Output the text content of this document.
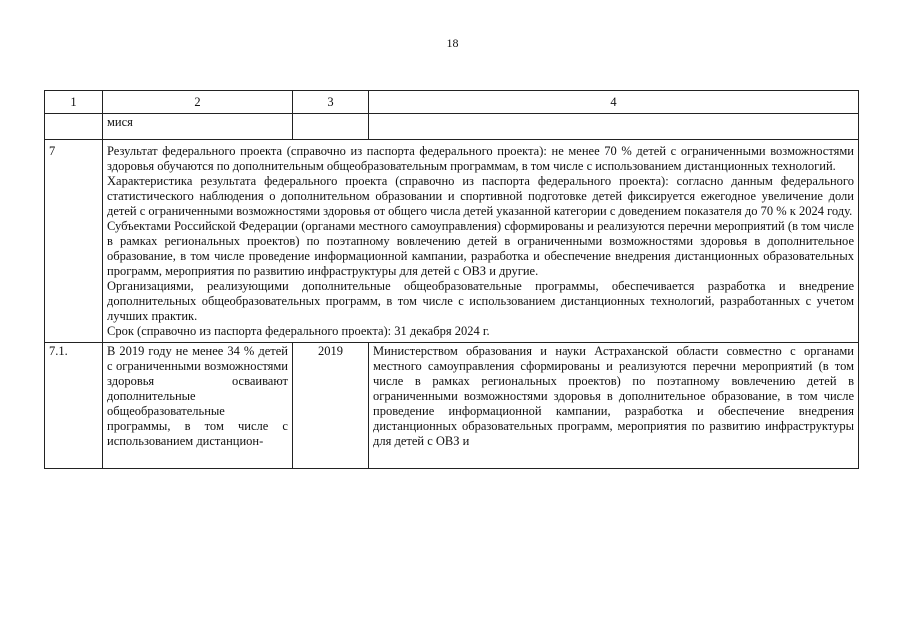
18
1	2	3	4
	мися		
7	Результат федерального проекта (справочно из паспорта федерального проекта): не менее 70 % детей с ограниченными возможностями здоровья обучаются по дополнительным общеобразовательным программам, в том числе с использованием дистанционных технологий.

Характеристика результата федерального проекта (справочно из паспорта федерального проекта): согласно данным федерального статистического наблюдения о дополнительном образовании и спортивной подготовке детей фиксируется ежегодное увеличение доли детей с ограниченными возможностями здоровья от общего числа детей указанной категории с доведением показателя до 70 % к 2024 году.

Субъектами Российской Федерации (органами местного самоуправления) сформированы и реализуются перечни мероприятий (в том числе в рамках региональных проектов) по поэтапному вовлечению детей в ограниченными возможностями здоровья в дополнительное образование, в том числе проведение информационной кампании, разработка и обеспечение внедрения дистанционных образовательных программ, мероприятия по развитию инфраструктуры для детей с ОВЗ и другие.

Организациями, реализующими дополнительные общеобразовательные программы, обеспечивается разработка и внедрение дополнительных общеобразовательных программ, в том числе с использованием дистанционных технологий, разработанных с учетом лучших практик.

Срок (справочно из паспорта федерального проекта): 31 декабря 2024 г.		

7.1.	В 2019 году не менее 34 % детей с ограниченными возможностями здоровья осваивают дополнительные общеобразовательные программы, в том числе с использованием дистанцион-	2019	Министерством образования и науки Астраханской области совместно с органами местного самоуправления сформированы и реализуются перечни мероприятий (в том числе в рамках региональных проектов) по поэтапному вовлечению детей в ограниченными возможностями здоровья в дополнительное образование, в том числе проведение информационной кампании, разработка и обеспечение внедрения дистанционных образовательных программ, мероприятия по развитию инфраструктуры для детей с ОВЗ и
